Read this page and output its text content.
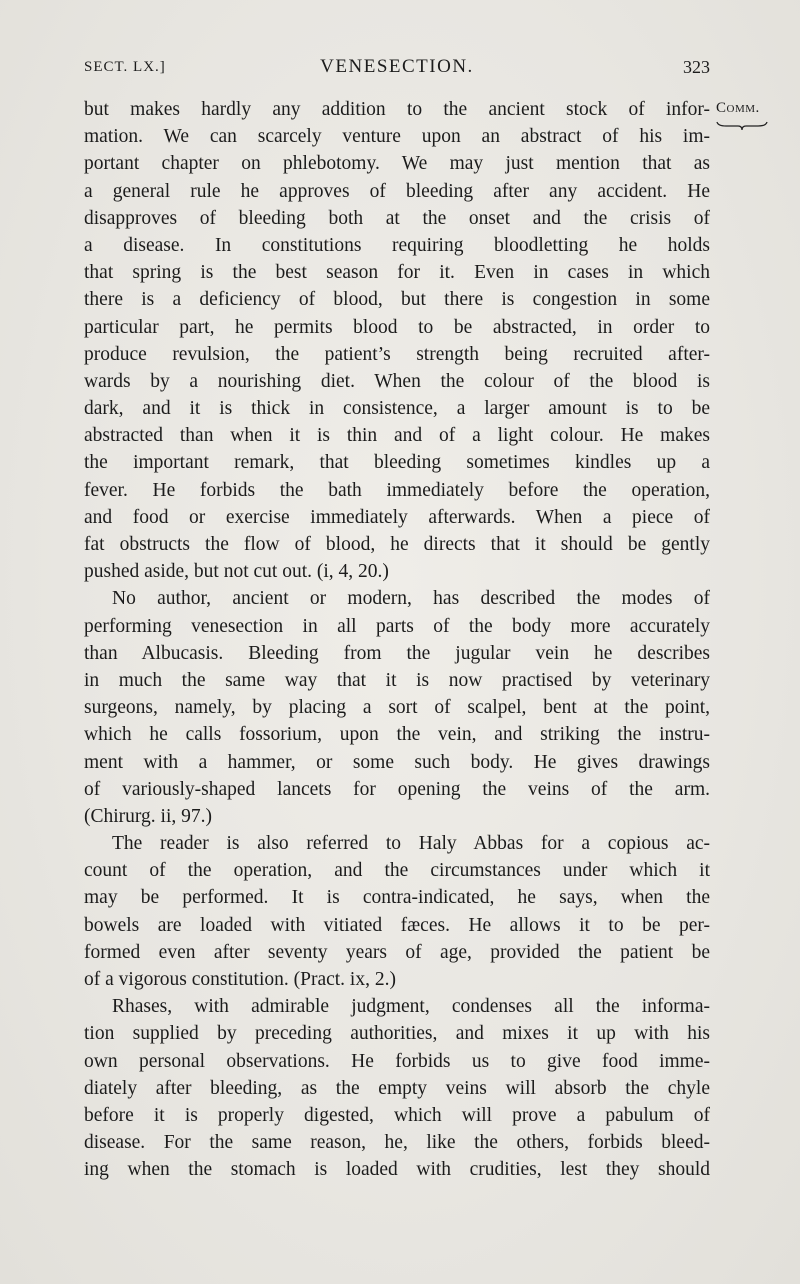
SECT. LX.]	VENESECTION.	323
Comm.
but makes hardly any addition to the ancient stock of infor-
mation. We can scarcely venture upon an abstract of his im-
portant chapter on phlebotomy. We may just mention that as
a general rule he approves of bleeding after any accident. He
disapproves of bleeding both at the onset and the crisis of
a disease. In constitutions requiring bloodletting he holds
that spring is the best season for it. Even in cases in which
there is a deficiency of blood, but there is congestion in some
particular part, he permits blood to be abstracted, in order to
produce revulsion, the patient’s strength being recruited after-
wards by a nourishing diet. When the colour of the blood is
dark, and it is thick in consistence, a larger amount is to be
abstracted than when it is thin and of a light colour. He makes
the important remark, that bleeding sometimes kindles up a
fever. He forbids the bath immediately before the operation,
and food or exercise immediately afterwards. When a piece of
fat obstructs the flow of blood, he directs that it should be gently
pushed aside, but not cut out. (i, 4, 20.)
No author, ancient or modern, has described the modes of
performing venesection in all parts of the body more accurately
than Albucasis. Bleeding from the jugular vein he describes
in much the same way that it is now practised by veterinary
surgeons, namely, by placing a sort of scalpel, bent at the point,
which he calls fossorium, upon the vein, and striking the instru-
ment with a hammer, or some such body. He gives drawings
of variously-shaped lancets for opening the veins of the arm.
(Chirurg. ii, 97.)
The reader is also referred to Haly Abbas for a copious ac-
count of the operation, and the circumstances under which it
may be performed. It is contra-indicated, he says, when the
bowels are loaded with vitiated fæces. He allows it to be per-
formed even after seventy years of age, provided the patient be
of a vigorous constitution. (Pract. ix, 2.)
Rhases, with admirable judgment, condenses all the informa-
tion supplied by preceding authorities, and mixes it up with his
own personal observations. He forbids us to give food imme-
diately after bleeding, as the empty veins will absorb the chyle
before it is properly digested, which will prove a pabulum of
disease. For the same reason, he, like the others, forbids bleed-
ing when the stomach is loaded with crudities, lest they should
